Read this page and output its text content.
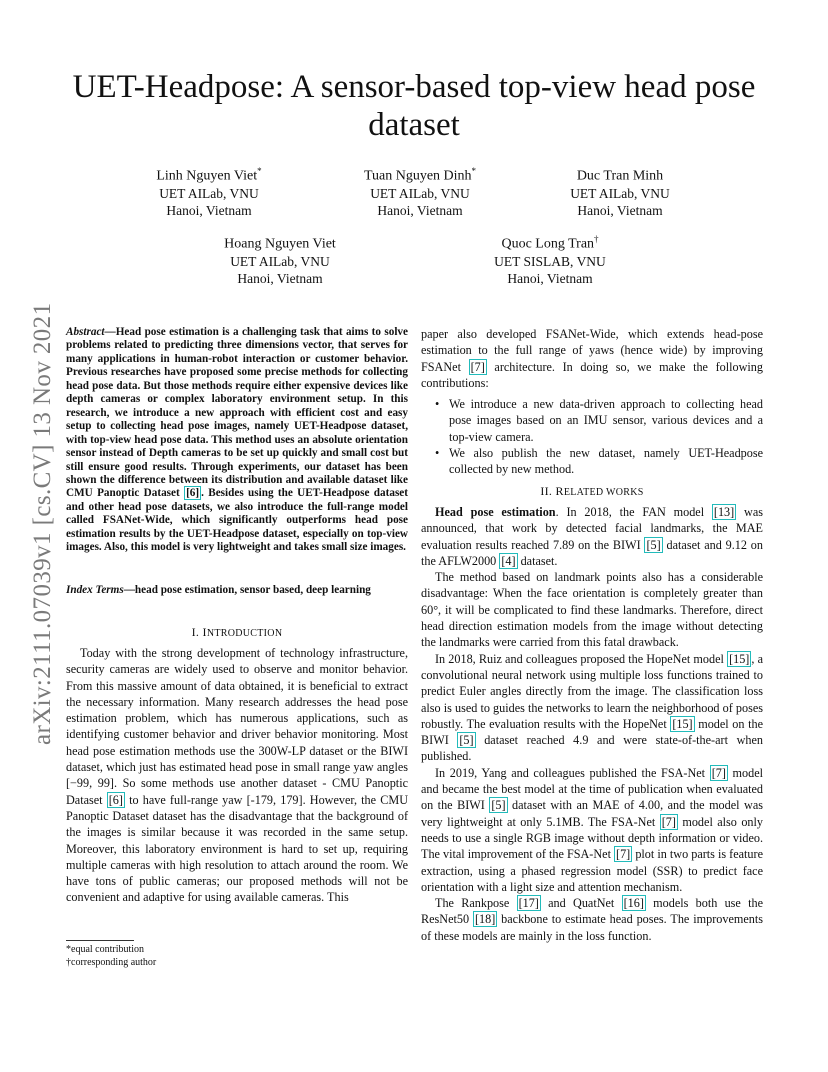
arXiv:2111.07039v1 [cs.CV] 13 Nov 2021
UET-Headpose: A sensor-based top-view head pose dataset
Linh Nguyen Viet*
UET AILab, VNU
Hanoi, Vietnam
Tuan Nguyen Dinh*
UET AILab, VNU
Hanoi, Vietnam
Duc Tran Minh
UET AILab, VNU
Hanoi, Vietnam
Hoang Nguyen Viet
UET AILab, VNU
Hanoi, Vietnam
Quoc Long Tran†
UET SISLAB, VNU
Hanoi, Vietnam
Abstract—Head pose estimation is a challenging task that aims to solve problems related to predicting three dimensions vector, that serves for many applications in human-robot interaction or customer behavior. Previous researches have proposed some precise methods for collecting head pose data. But those methods require either expensive devices like depth cameras or complex laboratory environment setup. In this research, we introduce a new approach with efficient cost and easy setup to collecting head pose images, namely UET-Headpose dataset, with top-view head pose data. This method uses an absolute orientation sensor instead of Depth cameras to be set up quickly and small cost but still ensure good results. Through experiments, our dataset has been shown the difference between its distribution and available dataset like CMU Panoptic Dataset [6] . Besides using the UET-Headpose dataset and other head pose datasets, we also introduce the full-range model called FSANet-Wide, which significantly outperforms head pose estimation results by the UET-Headpose dataset, especially on top-view images. Also, this model is very lightweight and takes small size images.
Index Terms—head pose estimation, sensor based, deep learning
I. INTRODUCTION

Today with the strong development of technology infrastructure, security cameras are widely used to observe and monitor behavior. From this massive amount of data obtained, it is beneficial to extract the necessary information. Many research addresses the head pose estimation problem, which has numerous applications, such as identifying customer behavior and driver behavior monitoring. Most head pose estimation methods use the 300W-LP dataset or the BIWI dataset, which just has estimated head pose in small range yaw angles [−99, 99]. So some methods use another dataset - CMU Panoptic Dataset [6] to have full-range yaw [-179, 179]. However, the CMU Panoptic Dataset dataset has the disadvantage that the background of the images is similar because it was recorded in the same setup. Moreover, this laboratory environment is hard to set up, requiring multiple cameras with high resolution to attach around the room. We have tons of public cameras; our proposed methods will not be convenient and adaptive for using available cameras. This

*equal contribution
†corresponding author

paper also developed FSANet-Wide, which extends head-pose estimation to the full range of yaws (hence wide) by improving FSANet [7] architecture. In doing so, we make the following contributions:

• We introduce a new data-driven approach to collecting head pose images based on an IMU sensor, various devices and a top-view camera.
• We also publish the new dataset, namely UET-Headpose collected by new method.
II. RELATED WORKS

Head pose estimation. In 2018, the FAN model [13] was announced, that work by detected facial landmarks, the MAE evaluation results reached 7.89 on the BIWI [5] dataset and 9.12 on the AFLW2000 [4] dataset.

The method based on landmark points also has a considerable disadvantage: When the face orientation is completely greater than 60°, it will be complicated to find these landmarks. Therefore, direct head direction estimation models from the image without detecting the landmarks were carried from this fatal drawback.

In 2018, Ruiz and colleagues proposed the HopeNet model [15] , a convolutional neural network using multiple loss functions trained to predict Euler angles directly from the image. The classification loss also is used to guides the networks to learn the neighborhood of poses robustly. The evaluation results with the HopeNet [15] model on the BIWI [5] dataset reached 4.9 and were state-of-the-art when published.

In 2019, Yang and colleagues published the FSA-Net [7] model and became the best model at the time of publication when evaluated on the BIWI [5] dataset with an MAE of 4.00, and the model was very lightweight at only 5.1MB. The FSA-Net [7] model also only needs to use a single RGB image without depth information or video. The vital improvement of the FSA-Net [7] plot in two parts is feature extraction, using a phased regression model (SSR) to predict face orientation with a light size and attention mechanism.

The Rankpose [17] and QuatNet [16] models both use the ResNet50 [18] backbone to estimate head poses. The improvements of these models are mainly in the loss function.
